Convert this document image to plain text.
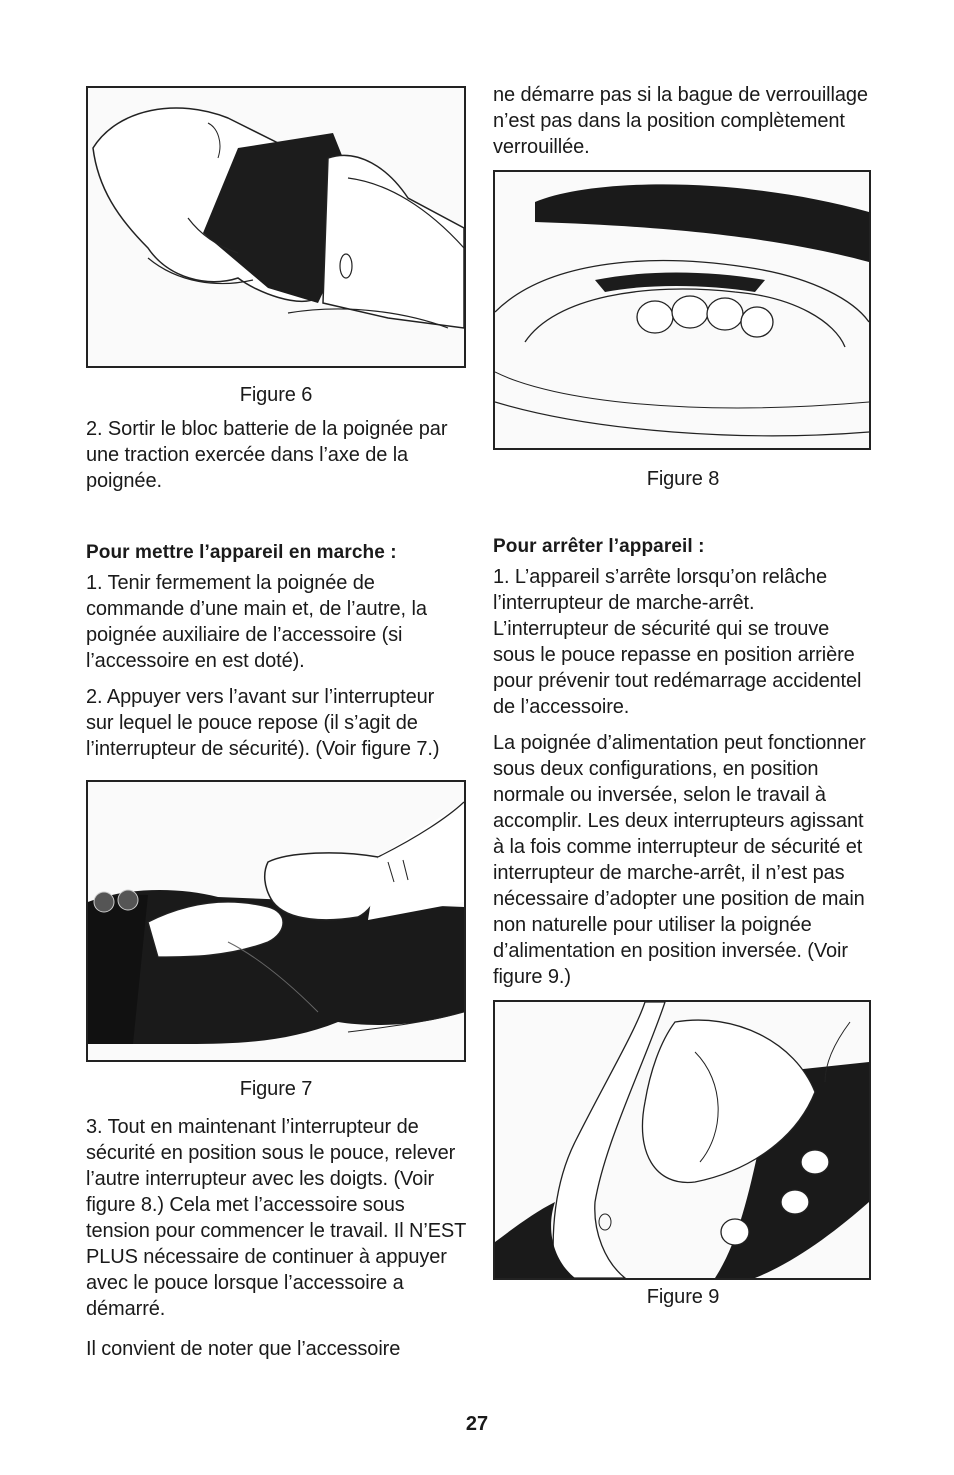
Figure 6

2. Sortir le bloc batterie de la poignée par une traction exercée dans l’axe de la poignée.

Pour mettre l’appareil en marche :

1. Tenir fermement la poignée de commande d’une main et, de l’autre, la poignée auxiliaire de l’accessoire (si l’accessoire en est doté).

2. Appuyer vers l’avant sur l’interrupteur sur lequel le pouce repose (il s’agit de l’interrupteur de sécurité). (Voir figure 7.)

Figure 7

3. Tout en maintenant l’interrupteur de sécurité en position sous le pouce, relever l’autre interrupteur avec les doigts. (Voir figure 8.) Cela met l’accessoire sous tension pour commencer le travail. Il N’EST PLUS nécessaire de continuer à appuyer avec le pouce lorsque l’accessoire a démarré.

Il convient de noter que l’accessoire

ne démarre pas si la bague de verrouillage n’est pas dans la position complètement verrouillée.

Figure 8

Pour arrêter l’appareil :

1. L’appareil s’arrête lorsqu’on relâche l’interrupteur de marche-arrêt. L’interrupteur de sécurité qui se trouve sous le pouce repasse en position arrière pour prévenir tout redémarrage accidentel de l’accessoire.

La poignée d’alimentation peut fonctionner sous deux configurations, en position normale ou inversée, selon le travail à accomplir. Les deux interrupteurs agissant à la fois comme interrupteur de sécurité et interrupteur de marche-arrêt, il n’est pas nécessaire d’adopter une position de main non naturelle pour utiliser la poignée d’alimentation en position inversée. (Voir figure 9.)

Figure 9

27
